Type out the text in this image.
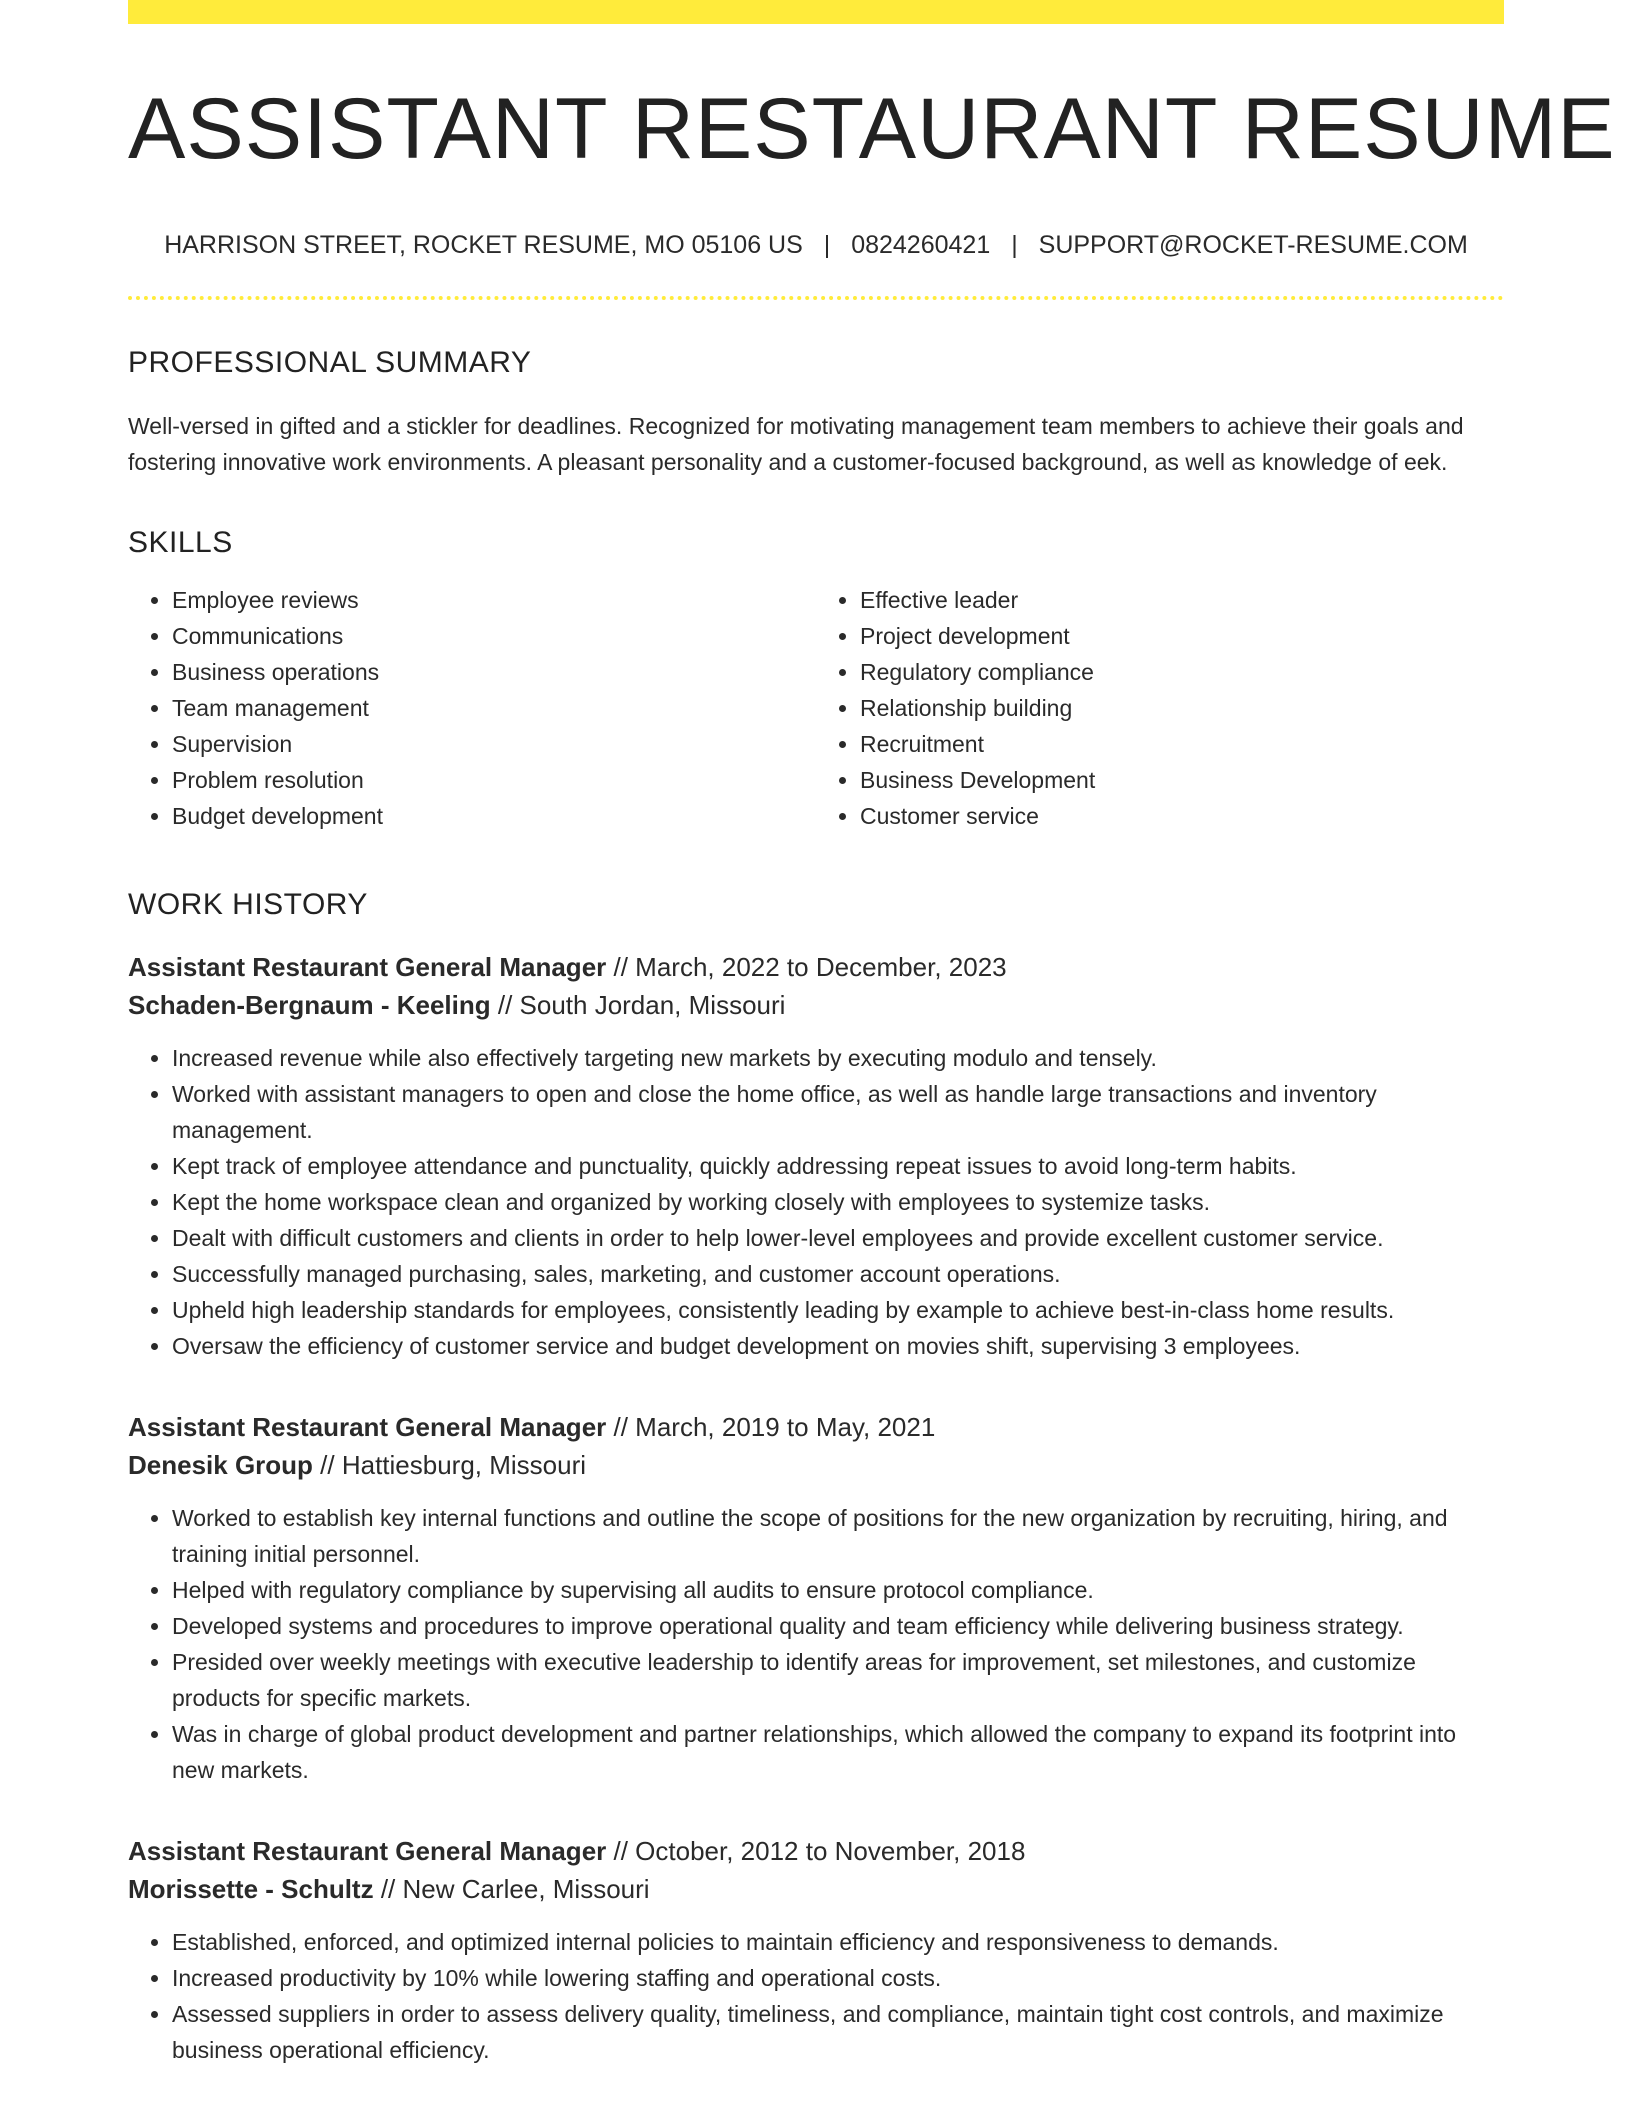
ASSISTANT RESTAURANT RESUME
HARRISON STREET, ROCKET RESUME, MO 05106 US | 0824260421 | SUPPORT@ROCKET-RESUME.COM
PROFESSIONAL SUMMARY

Well-versed in gifted and a stickler for deadlines. Recognized for motivating management team members to achieve their goals and fostering innovative work environments. A pleasant personality and a customer-focused background, as well as knowledge of eek.

SKILLS
• Employee reviews
• Communications
• Business operations
• Team management
• Supervision
• Problem resolution
• Budget development
• Effective leader
• Project development
• Regulatory compliance
• Relationship building
• Recruitment
• Business Development
• Customer service
WORK HISTORY
Assistant Restaurant General Manager // March, 2022 to December, 2023
Schaden-Bergnaum - Keeling // South Jordan, Missouri
• Increased revenue while also effectively targeting new markets by executing modulo and tensely.
• Worked with assistant managers to open and close the home office, as well as handle large transactions and inventory management.
• Kept track of employee attendance and punctuality, quickly addressing repeat issues to avoid long-term habits.
• Kept the home workspace clean and organized by working closely with employees to systemize tasks.
• Dealt with difficult customers and clients in order to help lower-level employees and provide excellent customer service.
• Successfully managed purchasing, sales, marketing, and customer account operations.
• Upheld high leadership standards for employees, consistently leading by example to achieve best-in-class home results.
• Oversaw the efficiency of customer service and budget development on movies shift, supervising 3 employees.
Assistant Restaurant General Manager // March, 2019 to May, 2021
Denesik Group // Hattiesburg, Missouri
• Worked to establish key internal functions and outline the scope of positions for the new organization by recruiting, hiring, and training initial personnel.
• Helped with regulatory compliance by supervising all audits to ensure protocol compliance.
• Developed systems and procedures to improve operational quality and team efficiency while delivering business strategy.
• Presided over weekly meetings with executive leadership to identify areas for improvement, set milestones, and customize products for specific markets.
• Was in charge of global product development and partner relationships, which allowed the company to expand its footprint into new markets.
Assistant Restaurant General Manager // October, 2012 to November, 2018
Morissette - Schultz // New Carlee, Missouri
• Established, enforced, and optimized internal policies to maintain efficiency and responsiveness to demands.
• Increased productivity by 10% while lowering staffing and operational costs.
• Assessed suppliers in order to assess delivery quality, timeliness, and compliance, maintain tight cost controls, and maximize business operational efficiency.
